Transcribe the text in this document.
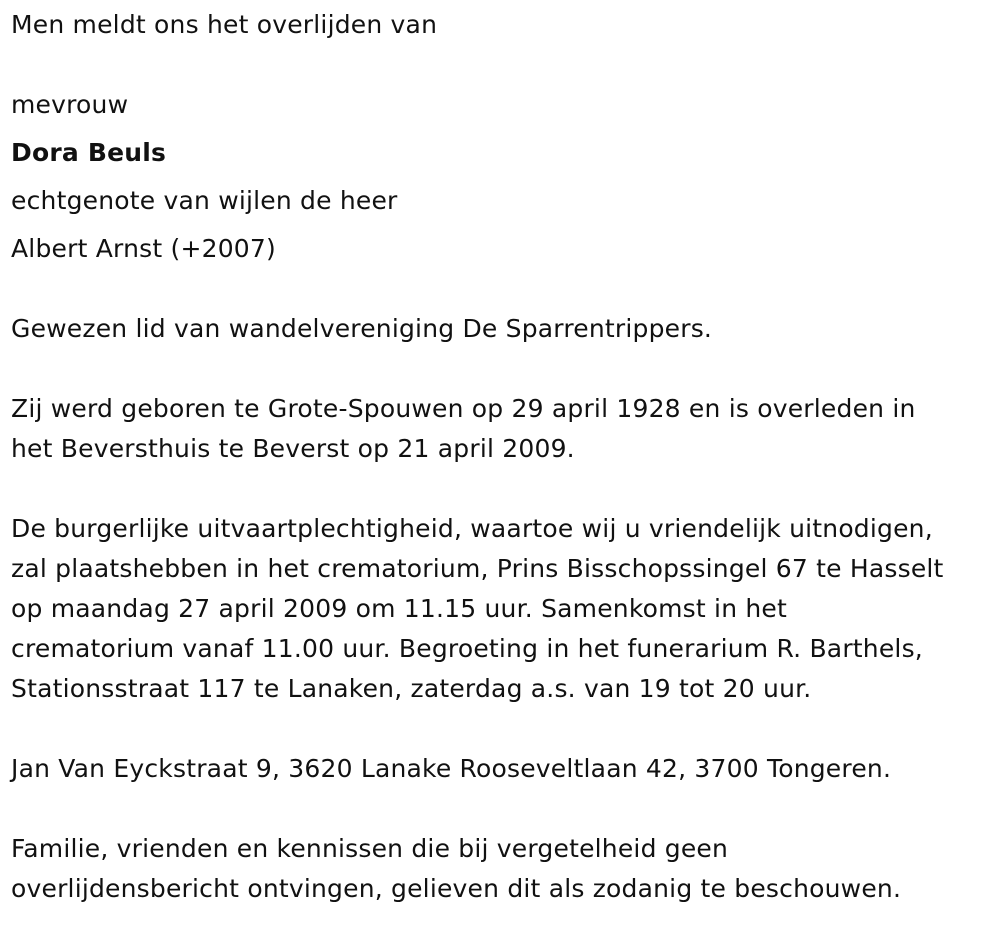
Men meldt ons het overlijden van
mevrouw
Dora Beuls
echtgenote van wijlen de heer
Albert Arnst (+2007)
Gewezen lid van wandelvereniging De Sparrentrippers.
Zij werd geboren te Grote-Spouwen op 29 april 1928 en is overleden in
het Beversthuis te Beverst op 21 april 2009.
De burgerlijke uitvaartplechtigheid, waartoe wij u vriendelijk uitnodigen,
zal plaatshebben in het crematorium, Prins Bisschopssingel 67 te Hasselt
op maandag 27 april 2009 om 11.15 uur. Samenkomst in het
crematorium vanaf 11.00 uur. Begroeting in het funerarium R. Barthels,
Stationsstraat 117 te Lanaken, zaterdag a.s. van 19 tot 20 uur.
Jan Van Eyckstraat 9, 3620 Lanake Rooseveltlaan 42, 3700 Tongeren.
Familie, vrienden en kennissen die bij vergetelheid geen
overlijdensbericht ontvingen, gelieven dit als zodanig te beschouwen.
